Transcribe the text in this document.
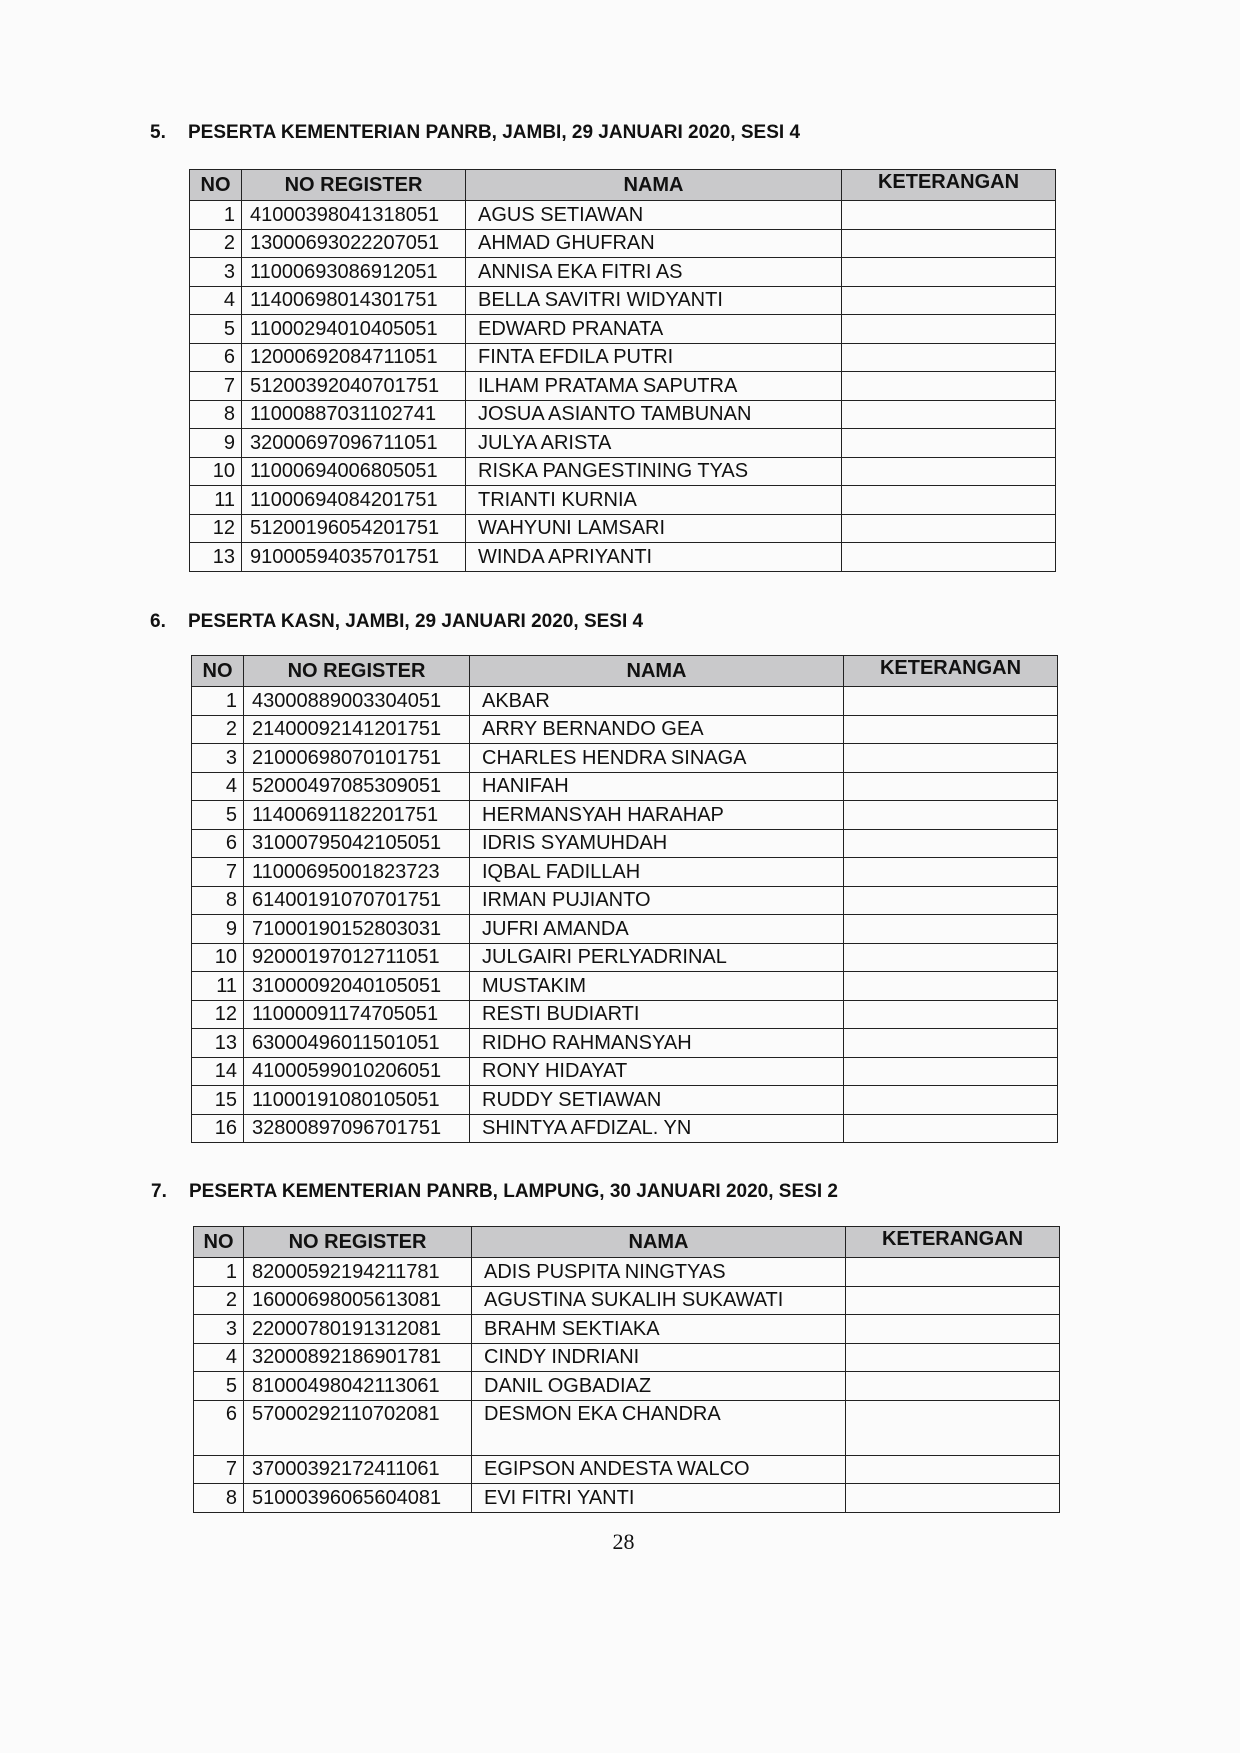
5. PESERTA KEMENTERIAN PANRB, JAMBI, 29 JANUARI 2020, SESI 4
NO	NO REGISTER	NAMA	KETERANGAN
1	41000398041318051	AGUS SETIAWAN	
2	13000693022207051	AHMAD GHUFRAN	
3	11000693086912051	ANNISA EKA FITRI AS	
4	11400698014301751	BELLA SAVITRI WIDYANTI	
5	11000294010405051	EDWARD PRANATA	
6	12000692084711051	FINTA EFDILA PUTRI	
7	51200392040701751	ILHAM PRATAMA SAPUTRA	
8	11000887031102741	JOSUA ASIANTO TAMBUNAN	
9	32000697096711051	JULYA ARISTA	
10	11000694006805051	RISKA PANGESTINING TYAS	
11	11000694084201751	TRIANTI KURNIA	
12	51200196054201751	WAHYUNI LAMSARI	
13	91000594035701751	WINDA APRIYANTI	
6. PESERTA KASN, JAMBI, 29 JANUARI 2020, SESI 4
NO	NO REGISTER	NAMA	KETERANGAN
1	43000889003304051	AKBAR	
2	21400092141201751	ARRY BERNANDO GEA	
3	21000698070101751	CHARLES HENDRA SINAGA	
4	52000497085309051	HANIFAH	
5	11400691182201751	HERMANSYAH HARAHAP	
6	31000795042105051	IDRIS SYAMUHDAH	
7	11000695001823723	IQBAL FADILLAH	
8	61400191070701751	IRMAN PUJIANTO	
9	71000190152803031	JUFRI AMANDA	
10	92000197012711051	JULGAIRI PERLYADRINAL	
11	31000092040105051	MUSTAKIM	
12	11000091174705051	RESTI BUDIARTI	
13	63000496011501051	RIDHO RAHMANSYAH	
14	41000599010206051	RONY HIDAYAT	
15	11000191080105051	RUDDY SETIAWAN	
16	32800897096701751	SHINTYA AFDIZAL. YN	
7. PESERTA KEMENTERIAN PANRB, LAMPUNG, 30 JANUARI 2020, SESI 2
NO	NO REGISTER	NAMA	KETERANGAN
1	82000592194211781	ADIS PUSPITA NINGTYAS	
2	16000698005613081	AGUSTINA SUKALIH SUKAWATI	
3	22000780191312081	BRAHM SEKTIAKA	
4	32000892186901781	CINDY INDRIANI	
5	81000498042113061	DANIL OGBADIAZ	
6	57000292110702081	DESMON EKA CHANDRA	
7	37000392172411061	EGIPSON ANDESTA WALCO	
8	51000396065604081	EVI FITRI YANTI	
28
